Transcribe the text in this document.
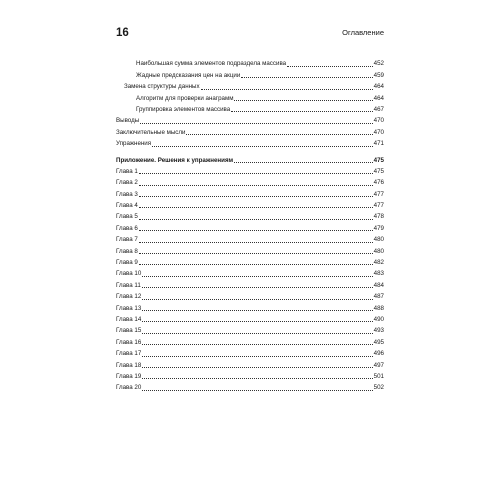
16	Оглавление
Наибольшая сумма элементов подраздела массива	452
Жадные предсказания цен на акции	459
Замена структуры данных	464
Алгоритм для проверки анаграмм	464
Группировка элементов массива	467
Выводы	470
Заключительные мысли	470
Упражнения	471
Приложение. Решения к упражнениям	475
Глава 1	475
Глава 2	476
Глава 3	477
Глава 4	477
Глава 5	478
Глава 6	479
Глава 7	480
Глава 8	480
Глава 9	482
Глава 10	483
Глава 11	484
Глава 12	487
Глава 13	488
Глава 14	490
Глава 15	493
Глава 16	495
Глава 17	496
Глава 18	497
Глава 19	501
Глава 20	502
